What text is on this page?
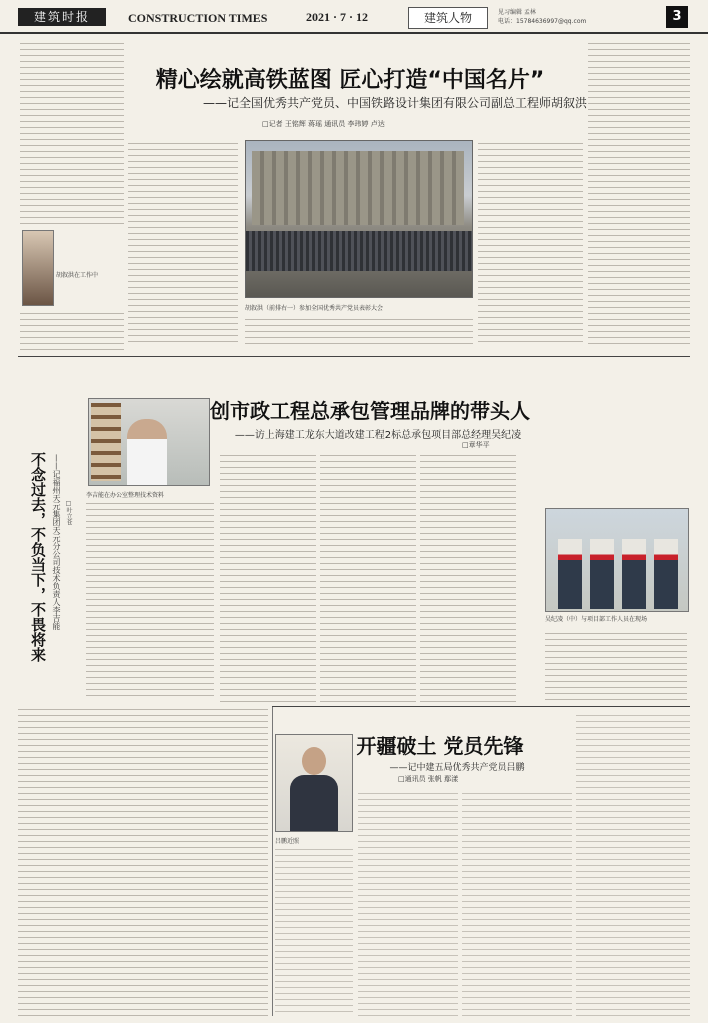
建筑时报	CONSTRUCTION TIMES	2021 · 7 · 12	建筑人物	见习编辑 孟林
电话：15784636997@qq.com	3
精心绘就高铁蓝图 匠心打造“中国名片”
——记全国优秀共产党员、中国铁路设计集团有限公司副总工程师胡叙洪
□记者 王铭辉 蒋瑶 通讯员 李玮婷 卢达
胡叙洪（前排右一）参加全国优秀共产党员表彰大会
胡叙洪在工作中
创市政工程总承包管理品牌的带头人
——访上海建工龙东大道改建工程2标总承包项目部总经理吴纪凌
□章华平
吴纪凌（中）与项目部工作人员在现场
不念过去，不负当下，不畏将来 ——记福州天元集团天元分公司技术负责人李吉能 □叶立苍
李吉能在办公室整理技术资料
开疆破土 党员先锋
——记中建五局优秀共产党员吕鹏
□通讯员 张帆 鄢漾
吕鹏近照
